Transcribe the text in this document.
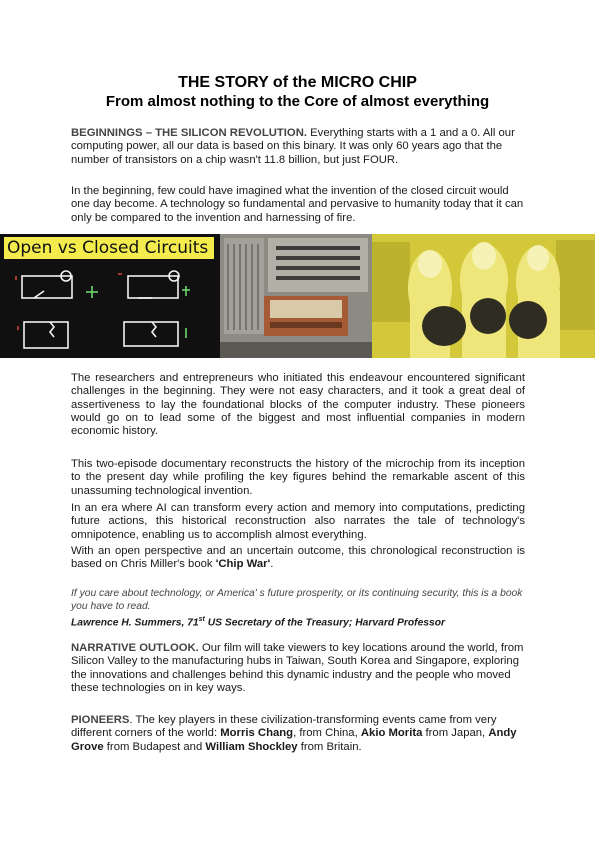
THE STORY of the MICRO CHIP
From almost nothing to the Core of almost everything
BEGINNINGS – THE SILICON REVOLUTION. Everything starts with a 1 and a 0. All our computing power, all our data is based on this binary. It was only 60 years ago that the number of transistors on a chip wasn't 11.8 billion, but just FOUR.
In the beginning, few could have imagined what the invention of the closed circuit would one day become. A technology so fundamental and pervasive to humanity today that it can only be compared to the invention and harnessing of fire.
Open vs Closed Circuits
The researchers and entrepreneurs who initiated this endeavour encountered significant challenges in the beginning. They were not easy characters, and it took a great deal of assertiveness to lay the foundational blocks of the computer industry. These pioneers would go on to lead some of the biggest and most influential companies in modern economic history.
This two-episode documentary reconstructs the history of the microchip from its inception to the present day while profiling the key figures behind the remarkable ascent of this unassuming technological invention.
In an era where AI can transform every action and memory into computations, predicting future actions, this historical reconstruction also narrates the tale of technology's omnipotence, enabling us to accomplish almost everything.
With an open perspective and an uncertain outcome, this chronological reconstruction is based on Chris Miller's book 'Chip War'.
If you care about technology, or America' s future prosperity, or its continuing security, this is a book you have to read.
Lawrence H. Summers, 71st US Secretary of the Treasury; Harvard Professor
NARRATIVE OUTLOOK. Our film will take viewers to key locations around the world, from Silicon Valley to the manufacturing hubs in Taiwan, South Korea and Singapore, exploring the innovations and challenges behind this dynamic industry and the people who moved these technologies on in key ways.
PIONEERS. The key players in these civilization-transforming events came from very different corners of the world: Morris Chang, from China, Akio Morita from Japan, Andy Grove from Budapest and William Shockley from Britain.
